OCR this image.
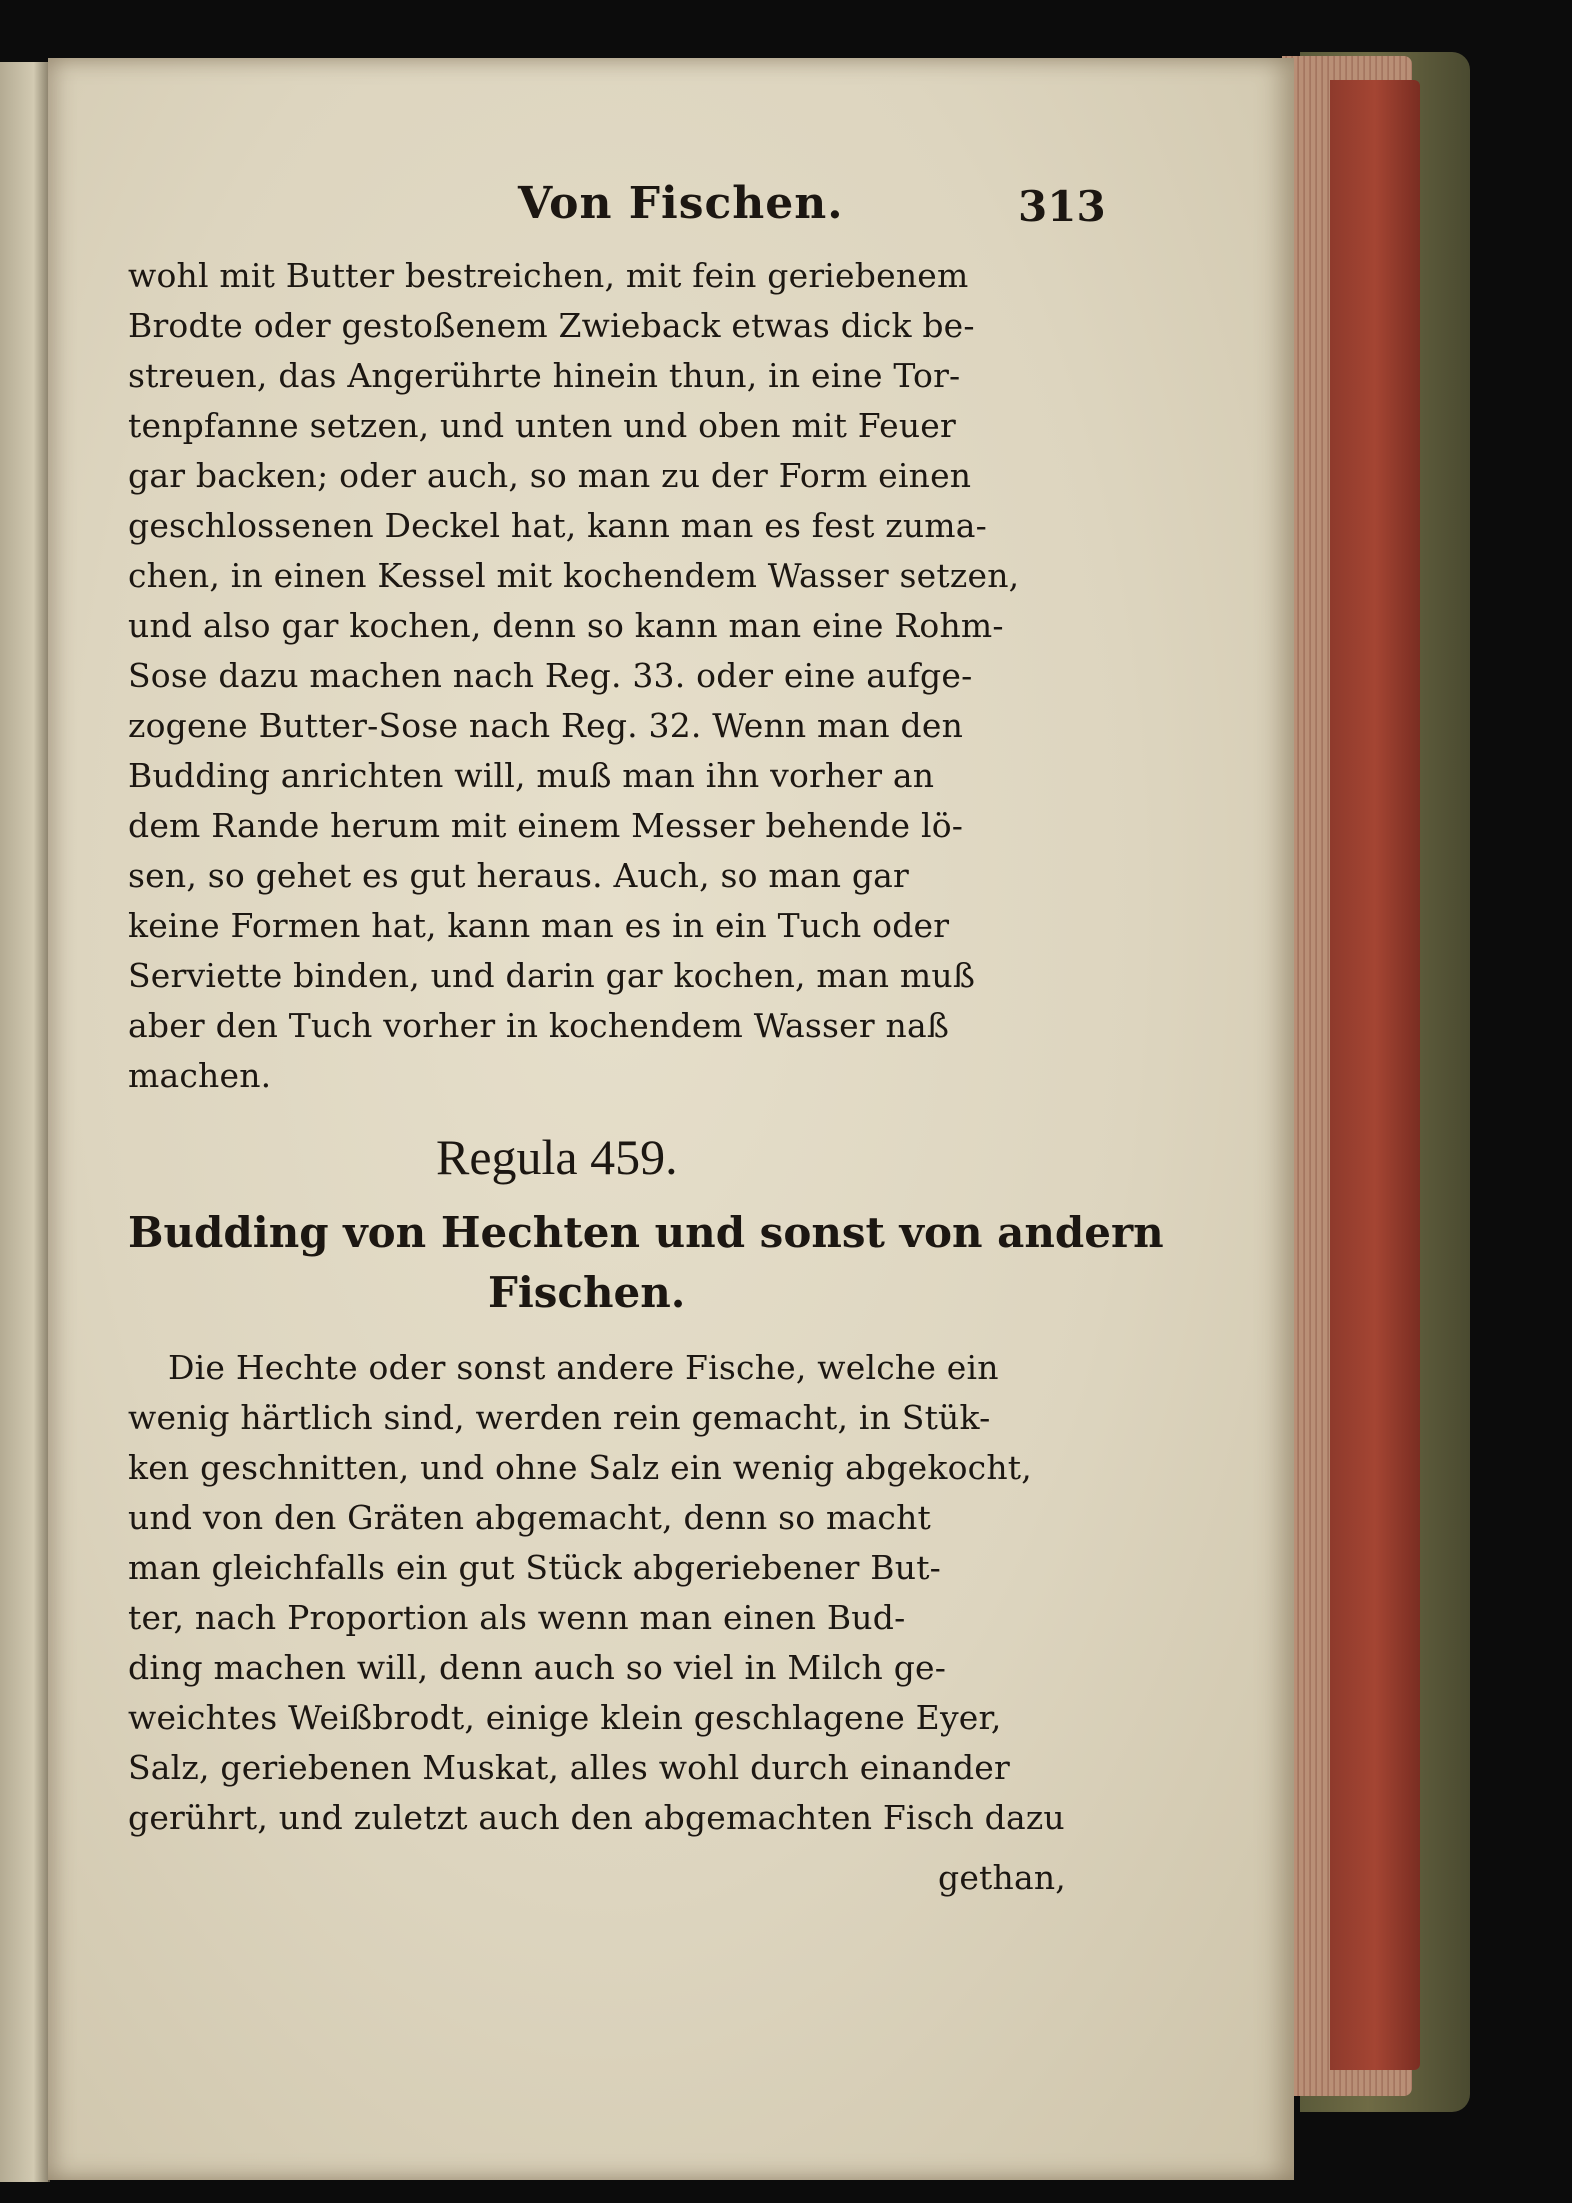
Von Fischen.	313
wohl mit Butter bestreichen, mit fein geriebenem
Brodte oder gestoßenem Zwieback etwas dick be-
streuen, das Angerührte hinein thun, in eine Tor-
tenpfanne setzen, und unten und oben mit Feuer
gar backen; oder auch, so man zu der Form einen
geschlossenen Deckel hat, kann man es fest zuma-
chen, in einen Kessel mit kochendem Wasser setzen,
und also gar kochen, denn so kann man eine Rohm-
Sose dazu machen nach Reg. 33. oder eine aufge-
zogene Butter-Sose nach Reg. 32. Wenn man den
Budding anrichten will, muß man ihn vorher an
dem Rande herum mit einem Messer behende lö-
sen, so gehet es gut heraus. Auch, so man gar
keine Formen hat, kann man es in ein Tuch oder
Serviette binden, und darin gar kochen, man muß
aber den Tuch vorher in kochendem Wasser naß
machen.
Regula 459.
Budding von Hechten und sonst von andern
Fischen.
Die Hechte oder sonst andere Fische, welche ein
wenig härtlich sind, werden rein gemacht, in Stük-
ken geschnitten, und ohne Salz ein wenig abgekocht,
und von den Gräten abgemacht, denn so macht
man gleichfalls ein gut Stück abgeriebener But-
ter, nach Proportion als wenn man einen Bud-
ding machen will, denn auch so viel in Milch ge-
weichtes Weißbrodt, einige klein geschlagene Eyer,
Salz, geriebenen Muskat, alles wohl durch einander
gerührt, und zuletzt auch den abgemachten Fisch dazu
gethan,
